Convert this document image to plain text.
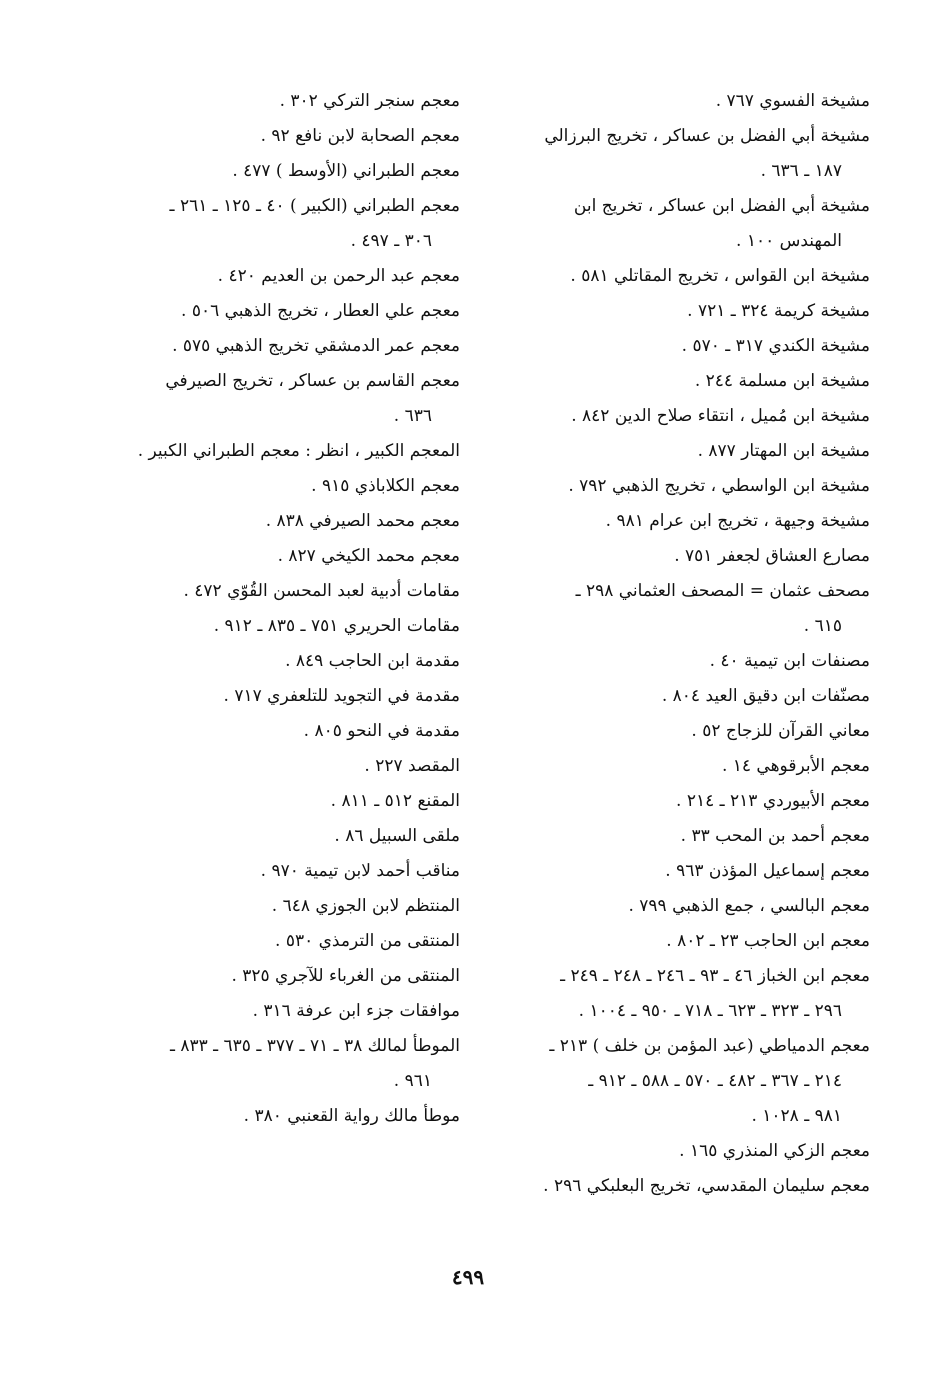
مشيخة الفسوي ٧٦٧ .
مشيخة أبي الفضل بن عساكر ، تخريج البرزالي
١٨٧ ـ ٦٣٦ .
مشيخة أبي الفضل ابن عساكر ، تخريج ابن
المهندس ١٠٠ .
مشيخة ابن القواس ، تخريج المقاتلي ٥٨١ .
مشيخة كريمة ٣٢٤ ـ ٧٢١ .
مشيخة الكندي ٣١٧ ـ ٥٧٠ .
مشيخة ابن مسلمة ٢٤٤ .
مشيخة ابن مُميل ، انتقاء صلاح الدين ٨٤٢ .
مشيخة ابن المهتار ٨٧٧ .
مشيخة ابن الواسطي ، تخريج الذهبي ٧٩٢ .
مشيخة وجيهة ، تخريج ابن عرام ٩٨١ .
مصارع العشاق لجعفر ٧٥١ .
مصحف عثمان = المصحف العثماني ٢٩٨ ـ
٦١٥ .
مصنفات ابن تيمية ٤٠ .
مصنّفات ابن دقيق العيد ٨٠٤ .
معاني القرآن للزجاج ٥٢ .
معجم الأبرقوهي ١٤ .
معجم الأبيوردي ٢١٣ ـ ٢١٤ .
معجم أحمد بن المحب ٣٣ .
معجم إسماعيل المؤذن ٩٦٣ .
معجم البالسي ، جمع الذهبي ٧٩٩ .
معجم ابن الحاجب ٢٣ ـ ٨٠٢ .
معجم ابن الخباز ٤٦ ـ ٩٣ ـ ٢٤٦ ـ ٢٤٨ ـ ٢٤٩ ـ
٢٩٦ ـ ٣٢٣ ـ ٦٢٣ ـ ٧١٨ ـ ٩٥٠ ـ ١٠٠٤ .
معجم الدمياطي (عبد المؤمن بن خلف ) ٢١٣ ـ
٢١٤ ـ ٣٦٧ ـ ٤٨٢ ـ ٥٧٠ ـ ٥٨٨ ـ ٩١٢ ـ
٩٨١ ـ ١٠٢٨ .
معجم الزكي المنذري ١٦٥ .
معجم سليمان المقدسي، تخريج البعلبكي ٢٩٦ .
معجم سنجر التركي ٣٠٢ .
معجم الصحابة لابن نافع ٩٢ .
معجم الطبراني (الأوسط ) ٤٧٧ .
معجم الطبراني (الكبير ) ٤٠ ـ ١٢٥ ـ ٢٦١ ـ
٣٠٦ ـ ٤٩٧ .
معجم عبد الرحمن بن العديم ٤٢٠ .
معجم علي العطار ، تخريج الذهبي ٥٠٦ .
معجم عمر الدمشقي تخريج الذهبي ٥٧٥ .
معجم القاسم بن عساكر ، تخريج الصيرفي
٦٣٦ .
المعجم الكبير ، انظر : معجم الطبراني الكبير .
معجم الكلاباذي ٩١٥ .
معجم محمد الصيرفي ٨٣٨ .
معجم محمد الكيخي ٨٢٧ .
مقامات أدبية لعبد المحسن القُوّي ٤٧٢ .
مقامات الحريري ٧٥١ ـ ٨٣٥ ـ ٩١٢ .
مقدمة ابن الحاجب ٨٤٩ .
مقدمة في التجويد للتلعفري ٧١٧ .
مقدمة في النحو ٨٠٥ .
المقصد ٢٢٧ .
المقنع ٥١٢ ـ ٨١١ .
ملقى السبيل ٨٦ .
مناقب أحمد لابن تيمية ٩٧٠ .
المنتظم لابن الجوزي ٦٤٨ .
المنتقى من الترمذي ٥٣٠ .
المنتقى من الغرباء للآجري ٣٢٥ .
موافقات جزء ابن عرفة ٣١٦ .
الموطأ لمالك ٣٨ ـ ٧١ ـ ٣٧٧ ـ ٦٣٥ ـ ٨٣٣ ـ
٩٦١ .
موطأ مالك رواية القعنبي ٣٨٠ .
٤٩٩
